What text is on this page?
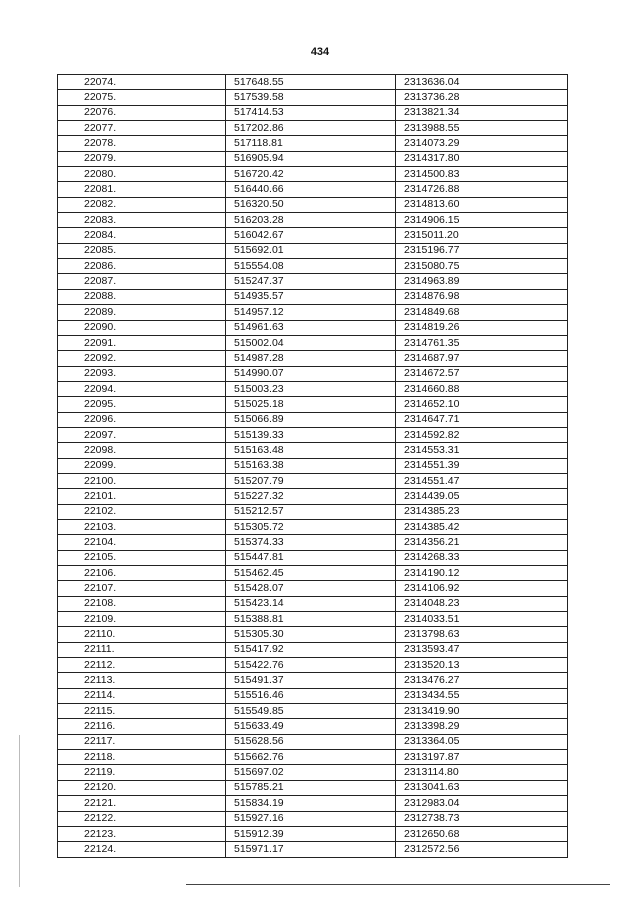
434
22074.	517648.55	2313636.04
22075.	517539.58	2313736.28
22076.	517414.53	2313821.34
22077.	517202.86	2313988.55
22078.	517118.81	2314073.29
22079.	516905.94	2314317.80
22080.	516720.42	2314500.83
22081.	516440.66	2314726.88
22082.	516320.50	2314813.60
22083.	516203.28	2314906.15
22084.	516042.67	2315011.20
22085.	515692.01	2315196.77
22086.	515554.08	2315080.75
22087.	515247.37	2314963.89
22088.	514935.57	2314876.98
22089.	514957.12	2314849.68
22090.	514961.63	2314819.26
22091.	515002.04	2314761.35
22092.	514987.28	2314687.97
22093.	514990.07	2314672.57
22094.	515003.23	2314660.88
22095.	515025.18	2314652.10
22096.	515066.89	2314647.71
22097.	515139.33	2314592.82
22098.	515163.48	2314553.31
22099.	515163.38	2314551.39
22100.	515207.79	2314551.47
22101.	515227.32	2314439.05
22102.	515212.57	2314385.23
22103.	515305.72	2314385.42
22104.	515374.33	2314356.21
22105.	515447.81	2314268.33
22106.	515462.45	2314190.12
22107.	515428.07	2314106.92
22108.	515423.14	2314048.23
22109.	515388.81	2314033.51
22110.	515305.30	2313798.63
22111.	515417.92	2313593.47
22112.	515422.76	2313520.13
22113.	515491.37	2313476.27
22114.	515516.46	2313434.55
22115.	515549.85	2313419.90
22116.	515633.49	2313398.29
22117.	515628.56	2313364.05
22118.	515662.76	2313197.87
22119.	515697.02	2313114.80
22120.	515785.21	2313041.63
22121.	515834.19	2312983.04
22122.	515927.16	2312738.73
22123.	515912.39	2312650.68
22124.	515971.17	2312572.56
